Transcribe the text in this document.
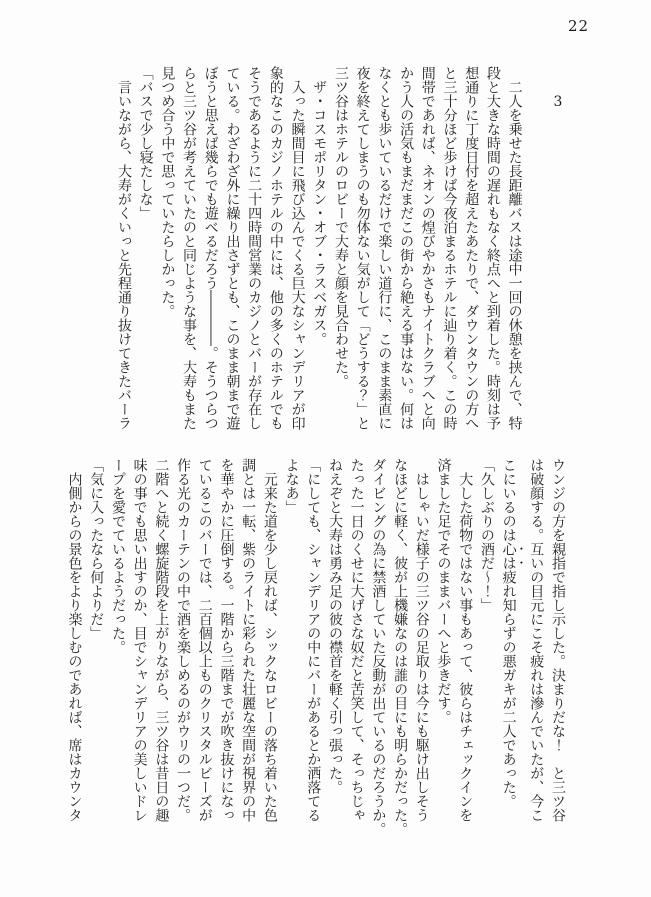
22
　　3

　二人を乗せた長距離バスは途中一回の休憩を挟んで、特
段と大きな時間の遅れもなく終点へと到着した。時刻は予
想通りに丁度日付を超えたあたりで、ダウンタウンの方へ
と三十分ほど歩けば今夜泊まるホテルに辿り着く。この時
間帯であれば、ネオンの煌びやかさもナイトクラブへと向
かう人の活気もまだまだこの街から絶える事はない。何は
なくとも歩いているだけで楽しい道行に、このまま素直に
夜を終えてしまうのも勿体ない気がして「どうする？」と
三ツ谷はホテルのロビーで大寿と顔を見合わせた。
　ザ・コスモポリタン・オブ・ラスベガス。
　入った瞬間目に飛び込んでくる巨大なシャンデリアが印
象的なこのカジノホテルの中には、他の多くのホテルでも
そうであるように二十四時間営業のカジノとバーが存在し
ている。わざわざ外に繰り出さずとも、このまま朝まで遊
ぼうと思えば幾らでも遊べるだろう――――。そうつらつ
らと三ツ谷が考えていたのと同じような事を、大寿もまた
見つめ合う中で思っていたらしかった。
「バスで少し寝たしな」
　言いながら、大寿がくいっと先程通り抜けてきたバーラ
ウンジの方を親指で指し示した。決まりだな！　と三ツ谷
は破顔する。互いの目元にこそ疲れは滲んでいたが、今こ
こにいるのは心は疲れ知らずの悪ガキが二人であった。
「久しぶりの酒だ〜！」
　大した荷物ではない事もあって、彼らはチェックインを
済ました足でそのままバーへと歩きだす。
　はしゃいだ様子の三ツ谷の足取りは今にも駆け出しそう
なほどに軽く、彼が上機嫌なのは誰の目にも明らかだった。
ダイビングの為に禁酒していた反動が出ているのだろうか。
たった一日のくせに大げさな奴だと苦笑して、そっちじゃ
ねえぞと大寿は勇み足の彼の襟首を軽く引っ張った。
「にしても、シャンデリアの中にバーがあるとか洒落てる
よなあ」
　元来た道を少し戻れば、シックなロビーの落ち着いた色
調とは一転、紫のライトに彩られた壮麗な空間が視界の中
を華やかに圧倒する。一階から三階までが吹き抜けになっ
ているこのバーでは、二百個以上ものクリスタルビーズが
作る光のカーテンの中で酒を楽しめるのがウリの一つだ。
二階へと続く螺旋階段を上がりながら、三ツ谷は昔日の趣
味の事でも思い出すのか、目でシャンデリアの美しいドレ
ープを愛でているようだった。
「気に入ったなら何よりだ」
　内側からの景色をより楽しむのであれば、席はカウンタ
